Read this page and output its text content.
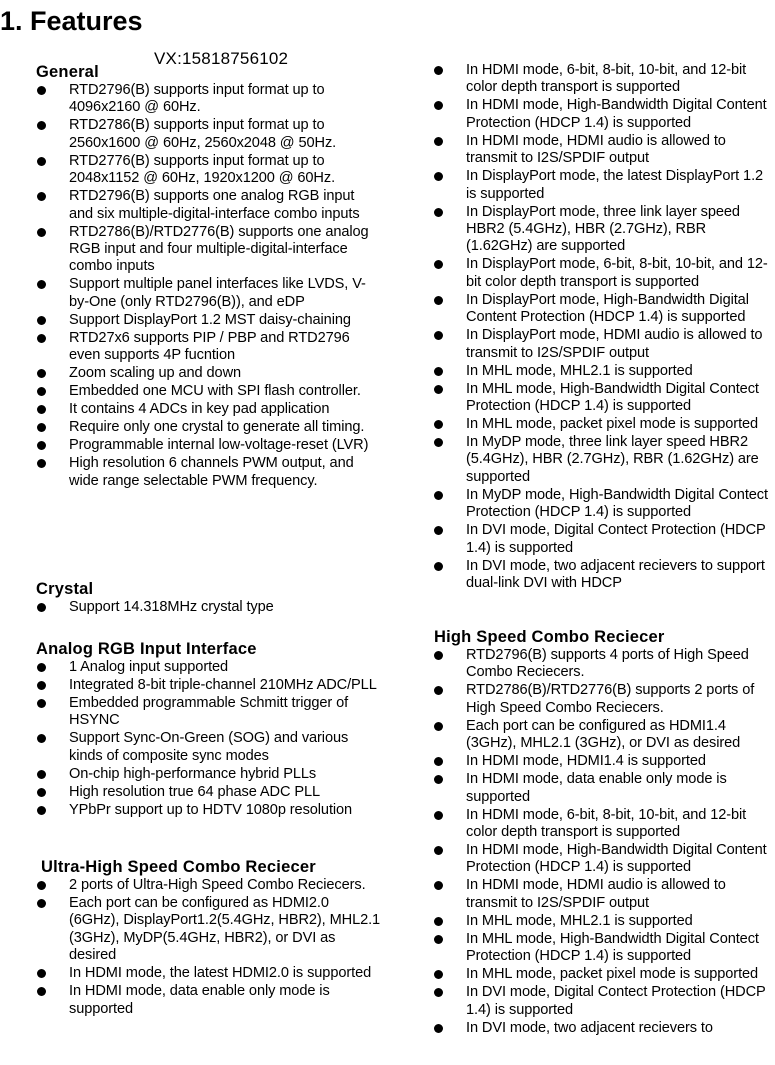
1. Features
VX:15818756102
General
RTD2796(B) supports input format up to 4096x2160 @ 60Hz.
RTD2786(B) supports input format up to 2560x1600 @ 60Hz, 2560x2048 @ 50Hz.
RTD2776(B) supports input format up to 2048x1152 @ 60Hz, 1920x1200 @ 60Hz.
RTD2796(B) supports one analog RGB input and six multiple-digital-interface combo inputs
RTD2786(B)/RTD2776(B) supports one analog RGB input and four multiple-digital-interface combo inputs
Support multiple panel interfaces like LVDS, V-by-One (only RTD2796(B)), and eDP
Support DisplayPort 1.2 MST daisy-chaining
RTD27x6 supports PIP / PBP and RTD2796 even supports 4P fucntion
Zoom scaling up and down
Embedded one MCU with SPI flash controller.
It contains 4 ADCs in key pad application
Require only one crystal to generate all timing.
Programmable internal low-voltage-reset (LVR)
High resolution 6 channels PWM output, and wide range selectable PWM frequency.
Crystal
Support 14.318MHz crystal type
Analog RGB Input Interface
1 Analog input supported
Integrated 8-bit triple-channel 210MHz ADC/PLL
Embedded programmable Schmitt trigger of HSYNC
Support Sync-On-Green (SOG) and various kinds of composite sync modes
On-chip high-performance hybrid PLLs
High resolution true 64 phase ADC PLL
YPbPr support up to HDTV 1080p resolution
Ultra-High Speed Combo Reciecer
2 ports of Ultra-High Speed Combo Reciecers.
Each port can be configured as HDMI2.0 (6GHz), DisplayPort1.2(5.4GHz, HBR2), MHL2.1 (3GHz), MyDP(5.4GHz, HBR2), or DVI as desired
In HDMI mode, the latest HDMI2.0 is supported
In HDMI mode, data enable only mode is supported
In HDMI mode, 6-bit, 8-bit, 10-bit, and 12-bit color depth transport is supported
In HDMI mode, High-Bandwidth Digital Content Protection (HDCP 1.4) is supported
In HDMI mode, HDMI audio is allowed to transmit to I2S/SPDIF output
In DisplayPort mode, the latest DisplayPort 1.2 is supported
In DisplayPort mode, three link layer speed HBR2 (5.4GHz), HBR (2.7GHz), RBR (1.62GHz) are supported
In DisplayPort mode, 6-bit, 8-bit, 10-bit, and 12-bit color depth transport is supported
In DisplayPort mode, High-Bandwidth Digital Content Protection (HDCP 1.4) is supported
In DisplayPort mode, HDMI audio is allowed to transmit to I2S/SPDIF output
In MHL mode, MHL2.1 is supported
In MHL mode, High-Bandwidth Digital Contect Protection (HDCP 1.4) is supported
In MHL mode, packet pixel mode is supported
In MyDP mode, three link layer speed HBR2 (5.4GHz), HBR (2.7GHz), RBR (1.62GHz) are supported
In MyDP mode, High-Bandwidth Digital Contect Protection (HDCP 1.4) is supported
In DVI mode, Digital Contect Protection (HDCP 1.4) is supported
In DVI mode, two adjacent recievers to support dual-link DVI with HDCP
High Speed Combo Reciecer
RTD2796(B) supports 4 ports of High Speed Combo Reciecers.
RTD2786(B)/RTD2776(B) supports 2 ports of High Speed Combo Reciecers.
Each port can be configured as HDMI1.4 (3GHz), MHL2.1 (3GHz), or DVI as desired
In HDMI mode, HDMI1.4 is supported
In HDMI mode, data enable only mode is supported
In HDMI mode, 6-bit, 8-bit, 10-bit, and 12-bit color depth transport is supported
In HDMI mode, High-Bandwidth Digital Content Protection (HDCP 1.4) is supported
In HDMI mode, HDMI audio is allowed to transmit to I2S/SPDIF output
In MHL mode, MHL2.1 is supported
In MHL mode, High-Bandwidth Digital Contect Protection (HDCP 1.4) is supported
In MHL mode, packet pixel mode is supported
In DVI mode, Digital Contect Protection (HDCP 1.4) is supported
In DVI mode, two adjacent recievers to
